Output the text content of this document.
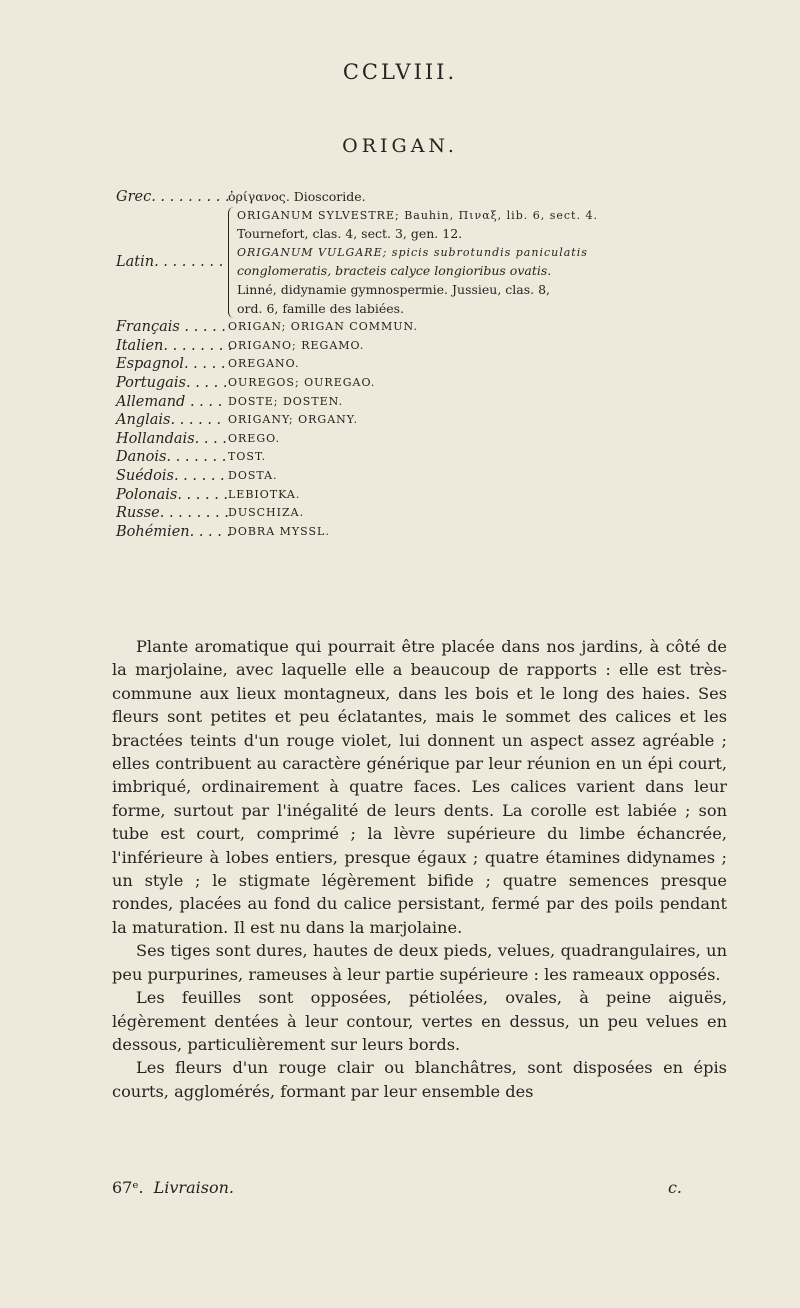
CCLVIII.
ORIGAN.
Grec. . . . . . . . .
ὀρίγανος. Dioscoride.
Latin. . . . . . . .
ORIGANUM SYLVESTRE; Bauhin, Πιναξ, lib. 6, sect. 4.
Tournefort, clas. 4, sect. 3, gen. 12.
ORIGANUM VULGARE; spicis subrotundis paniculatis
conglomeratis, bracteis calyce longioribus ovatis.
Linné, didynamie gymnospermie. Jussieu, clas. 8,
ord. 6, famille des labiées.
Français . . . . . ORIGAN; ORIGAN COMMUN.
Italien. . . . . . . .
ORIGANO; REGAMO.
Espagnol. . . . . OREGANO.
Portugais. . . . . OUREGOS; OUREGAO.
Allemand . . . . DOSTE; DOSTEN.
Anglais. . . . . . ORIGANY; ORGANY.
Hollandais. . . . OREGO.
Danois. . . . . . . TOST.
Suédois. . . . . . DOSTA.
Polonais. . . . . . LEBIOTKA.
Russe. . . . . . . . DUSCHIZA.
Bohémien. . . . .
DOBRA MYSSL.

Plante aromatique qui pourrait être placée dans nos jardins, à côté de la marjolaine, avec laquelle elle a beaucoup de rapports : elle est très-commune aux lieux montagneux, dans les bois et le long des haies. Ses fleurs sont petites et peu éclatantes, mais le sommet des calices et les bractées teints d'un rouge violet, lui donnent un aspect assez agréable ; elles contribuent au caractère générique par leur réunion en un épi court, imbriqué, ordinairement à quatre faces. Les calices varient dans leur forme, surtout par l'inégalité de leurs dents. La corolle est labiée ; son tube est court, comprimé ; la lèvre supérieure du limbe échancrée, l'inférieure à lobes entiers, presque égaux ; quatre étamines didynames ; un style ; le stigmate légèrement bifide ; quatre semences presque rondes, placées au fond du calice persistant, fermé par des poils pendant la maturation. Il est nu dans la marjolaine.

Ses tiges sont dures, hautes de deux pieds, velues, quadrangulaires, un peu purpurines, rameuses à leur partie supérieure : les rameaux opposés.

Les feuilles sont opposées, pétiolées, ovales, à peine aiguës, légèrement dentées à leur contour, vertes en dessus, un peu velues en dessous, particulièrement sur leurs bords.

Les fleurs d'un rouge clair ou blanchâtres, sont disposées en épis courts, agglomérés, formant par leur ensemble des

67ᵉ. Livraison.	c.
